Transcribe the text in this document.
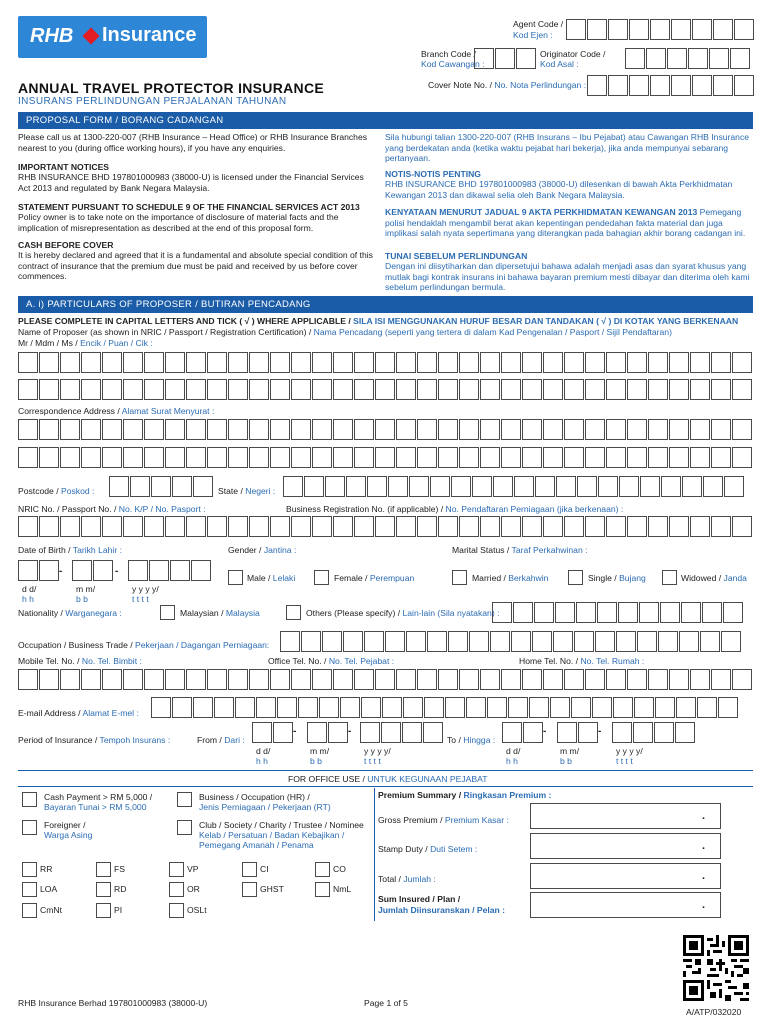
RHB Insurance	Agent Code /
Kod Ejen :
Branch Code /
Kod Cawangan :
Originator Code /
Kod Asal :
Cover Note No. / No. Nota Perlindungan :
ANNUAL TRAVEL PROTECTOR INSURANCE
INSURANS PERLINDUNGAN PERJALANAN TAHUNAN
PROPOSAL FORM / BORANG CADANGAN
Please call us at 1300-220-007 (RHB Insurance – Head Office) or RHB Insurance Branches nearest to you (during office working hours), if you have any enquiries.
Sila hubungi talian 1300-220-007 (RHB Insurans – Ibu Pejabat) atau Cawangan RHB Insurance yang berdekatan anda (ketika waktu pejabat hari bekerja), jika anda mempunyai sebarang pertanyaan.
IMPORTANT NOTICES
RHB INSURANCE BHD 197801000983 (38000-U) is licensed under the Financial Services Act 2013 and regulated by Bank Negara Malaysia.
NOTIS-NOTIS PENTING
RHB INSURANCE BHD 197801000983 (38000-U) dilesenkan di bawah Akta Perkhidmatan Kewangan 2013 dan dikawal selia oleh Bank Negara Malaysia.
STATEMENT PURSUANT TO SCHEDULE 9 OF THE FINANCIAL SERVICES ACT 2013
Policy owner is to take note on the importance of disclosure of material facts and the implication of misrepresentation as described at the end of this proposal form.
KENYATAAN MENURUT JADUAL 9 AKTA PERKHIDMATAN KEWANGAN 2013 Pemegang polisi hendaklah mengambil berat akan kepentingan pendedahan fakta material dan juga implikasi salah nyata sepertimana yang diterangkan pada bahagian akhir borang cadangan ini.
CASH BEFORE COVER
It is hereby declared and agreed that it is a fundamental and absolute special condition of this contract of insurance that the premium due must be paid and received by us before cover commences.
TUNAI SEBELUM PERLINDUNGAN
Dengan ini diisytiharkan dan dipersetujui bahawa adalah menjadi asas dan syarat khusus yang mutlak bagi kontrak insurans ini bahawa bayaran premium mesti dibayar dan diterima oleh kami sebelum perlindungan bermula.
A. i) PARTICULARS OF PROPOSER / BUTIRAN PENCADANG
PLEASE COMPLETE IN CAPITAL LETTERS AND TICK ( √ ) WHERE APPLICABLE / SILA ISI MENGGUNAKAN HURUF BESAR DAN TANDAKAN ( √ ) DI KOTAK YANG BERKENAAN
Name of Proposer (as shown in NRIC / Passport / Registration Certification) / Nama Pencadang (seperti yang tertera di dalam Kad Pengenalan / Pasport / Sijil Pendaftaran)
Mr / Mdm / Ms / Encik / Puan / Cik :
Correspondence Address / Alamat Surat Menyurat :
Postcode / Poskod :	State / Negeri :
NRIC No. / Passport No. / No. K/P / No. Pasport :	Business Registration No. (if applicable) / No. Pendaftaran Perniagaan (jika berkenaan) :
Date of Birth / Tarikh Lahir :	Gender / Jantina :	Marital Status / Taraf Perkahwinan :
-	-
d d/
h h
m m/
b b
y y y y/
t t t t
Male / Lelaki	Female / Perempuan	Married / Berkahwin	Single / Bujang	Widowed / Janda
Nationality / Warganegara :	Malaysian / Malaysia	Others (Please specify) / Lain-lain (Sila nyatakan) :
Occupation / Business Trade / Pekerjaan / Dagangan Perniagaan:
Mobile Tel. No. / No. Tel. Bimbit :	Office Tel. No. / No. Tel. Pejabat :	Home Tel. No. / No. Tel. Rumah :
E-mail Address / Alamat E-mel :
Period of Insurance / Tempoh Insurans :	From / Dari :
-	-
d d/
h h
m m/
b b
y y y y/
t t t t
To / Hingga :
-	-
d d/
h h
m m/
b b
y y y y/
t t t t
FOR OFFICE USE / UNTUK KEGUNAAN PEJABAT
Cash Payment > RM 5,000 /
Bayaran Tunai > RM 5,000
Business / Occupation (HR) /
Jenis Perniagaan / Pekerjaan (RT)
Foreigner /
Warga Asing
Club / Society / Charity / Trustee / Nominee
Kelab / Persatuan / Badan Kebajikan /
Pemegang Amanah / Penama
RR	FS	VP	CI	CO
LOA	RD	OR	GHST	NmL
CmNt	PI	OSLt
Premium Summary / Ringkasan Premium :
Gross Premium / Premium Kasar :	.
Stamp Duty / Duti Setem :	.
Total / Jumlah :	.
Sum Insured / Plan /
Jumlah Diinsuranskan / Pelan :	.
RHB Insurance Berhad 197801000983 (38000-U)	Page 1 of 5
A/ATP/032020
